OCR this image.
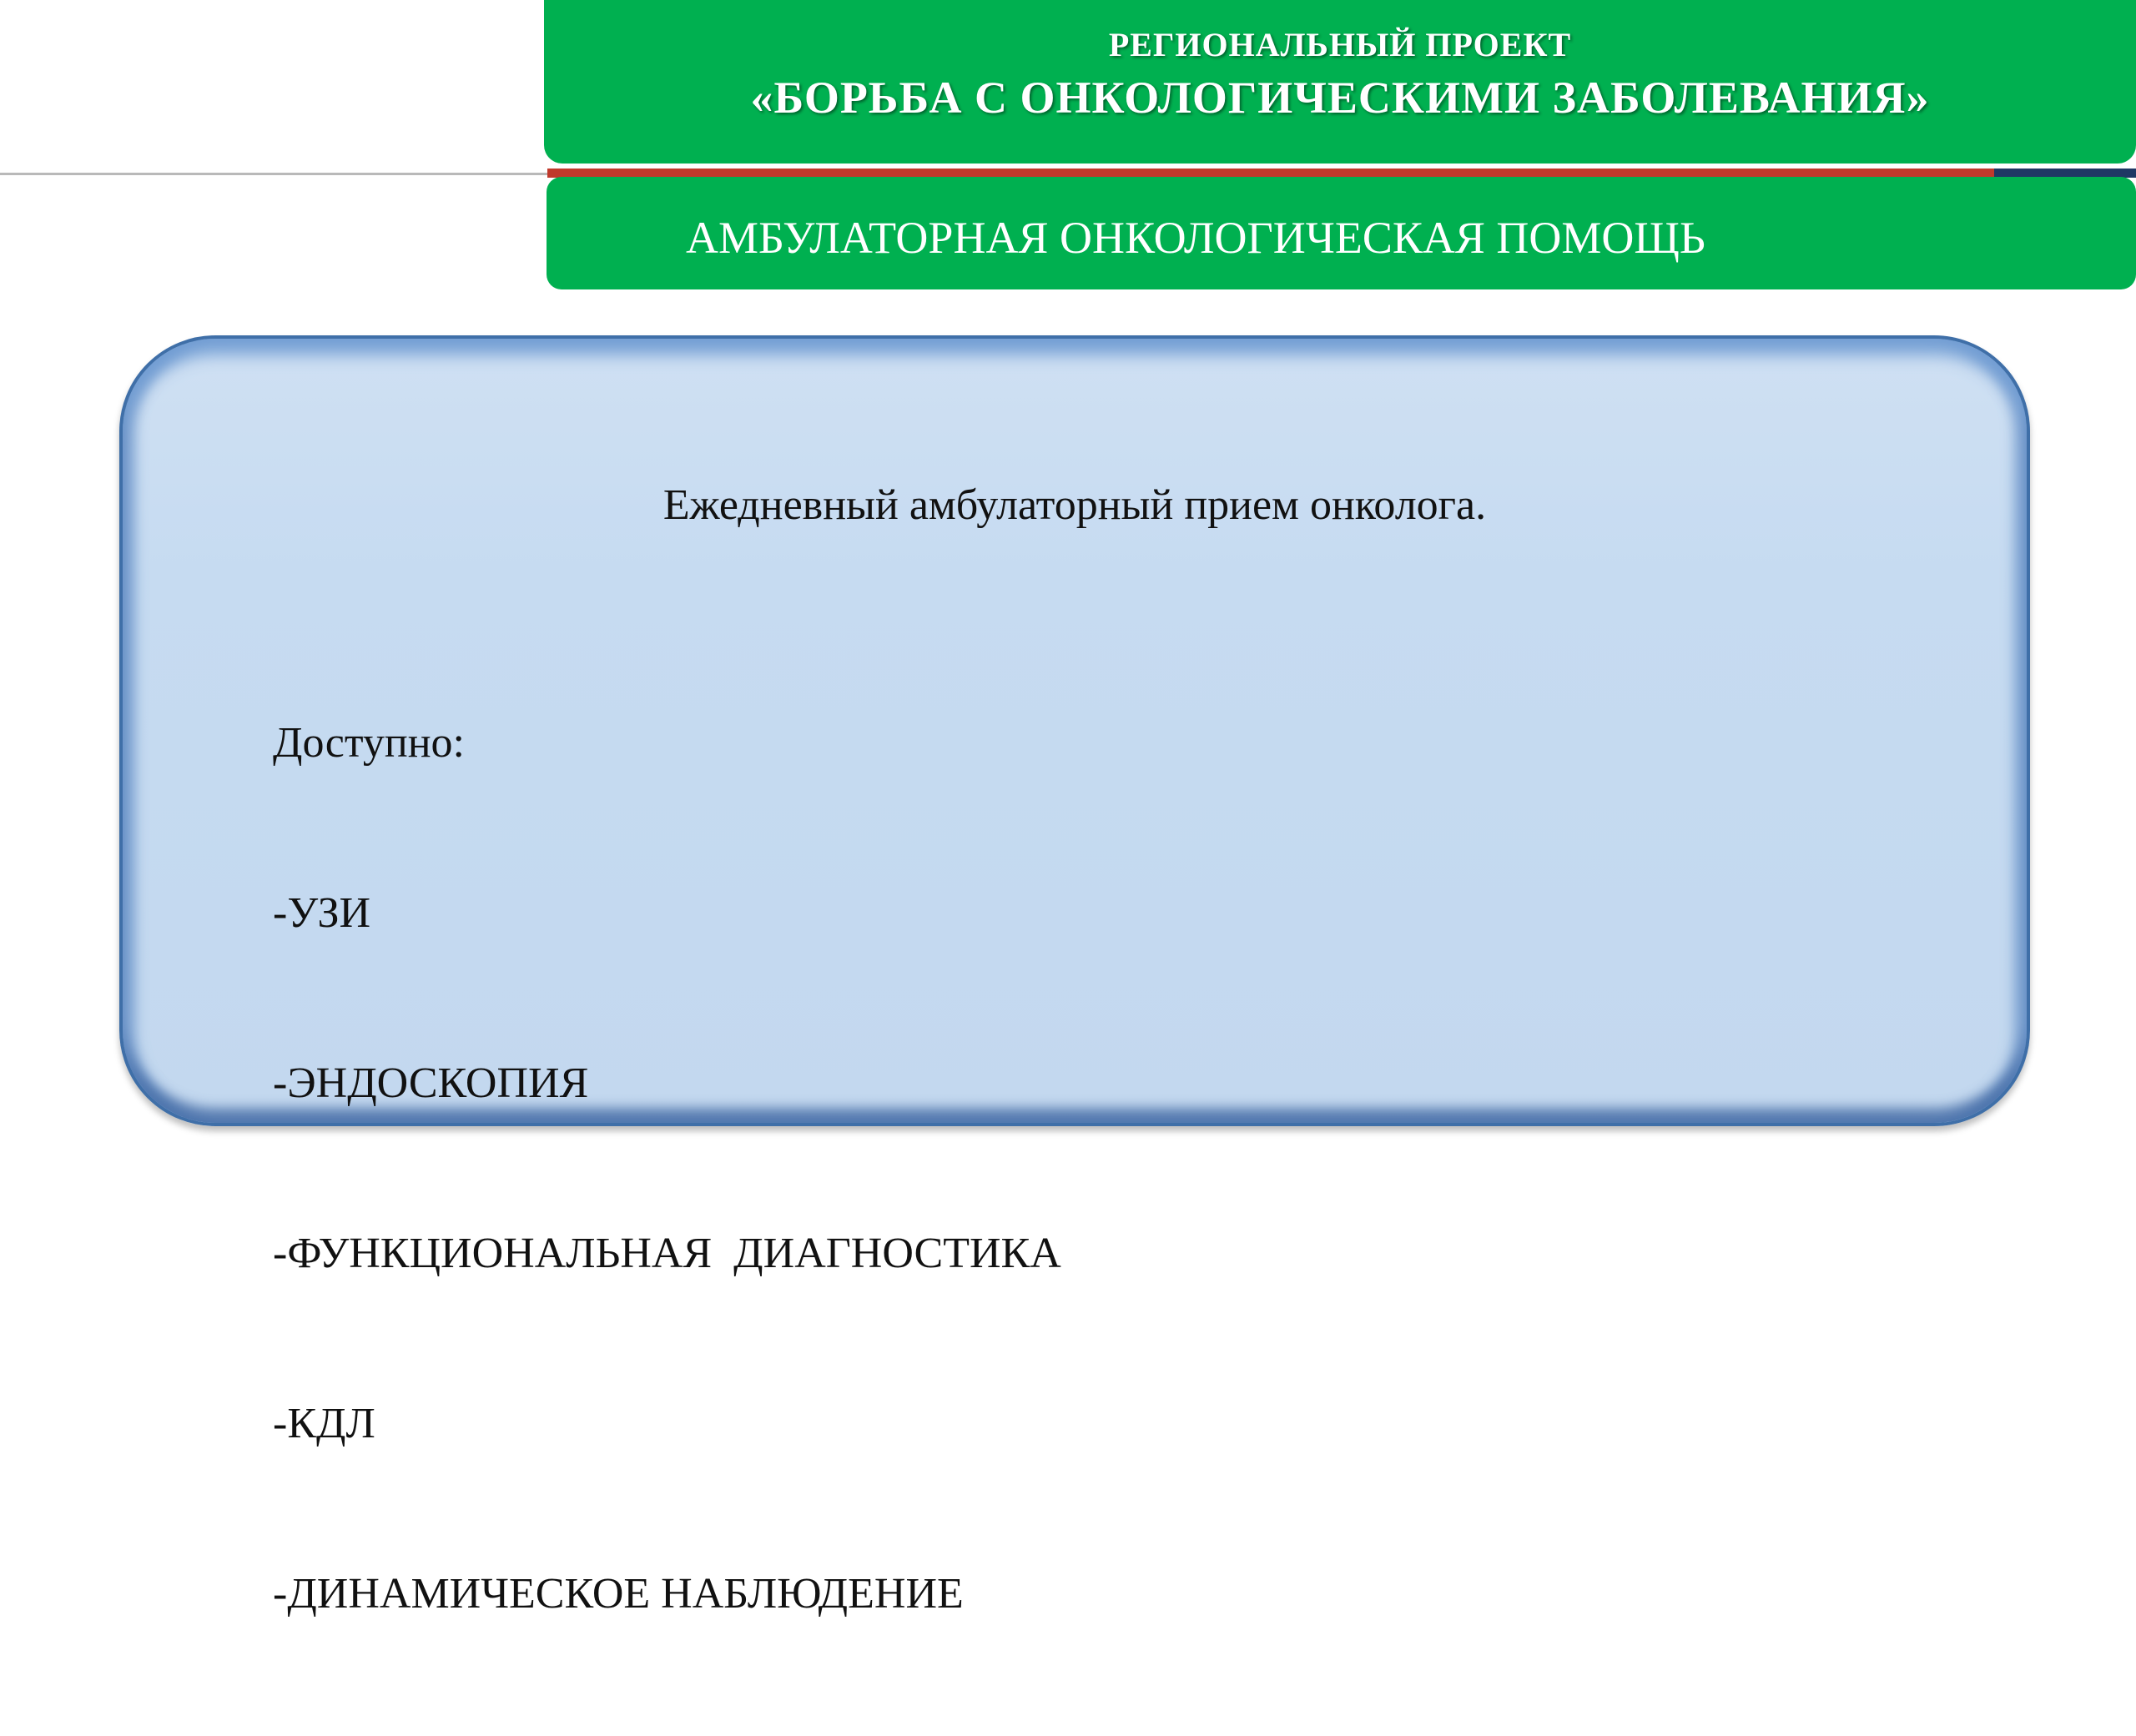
РЕГИОНАЛЬНЫЙ ПРОЕКТ
«БОРЬБА С ОНКОЛОГИЧЕСКИМИ ЗАБОЛЕВАНИЯ»
АМБУЛАТОРНАЯ ОНКОЛОГИЧЕСКАЯ ПОМОЩЬ
Ежедневный амбулаторный прием онколога.

Доступно:

-УЗИ

-ЭНДОСКОПИЯ

-ФУНКЦИОНАЛЬНАЯ  ДИАГНОСТИКА

-КДЛ

-ДИНАМИЧЕСКОЕ НАБЛЮДЕНИЕ
